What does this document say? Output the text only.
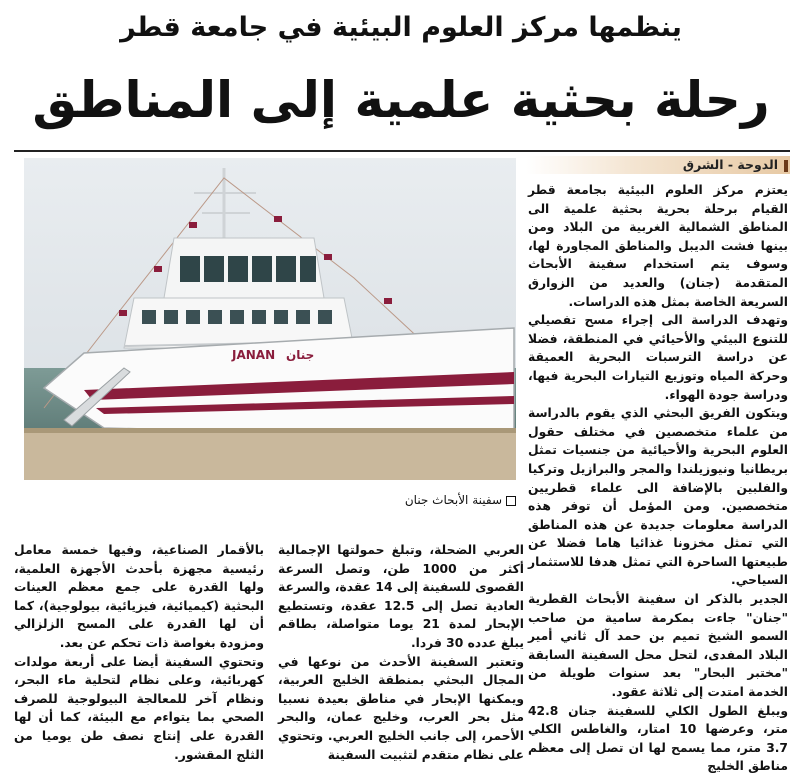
ينظمها مركز العلوم البيئية في جامعة قطر
رحلة بحثية علمية إلى المناطق
الدوحة - الشرق
JANAN جنان
سفينة الأبحاث جنان

يعتزم مركز العلوم البيئية بجامعة قطر القيام برحلة بحرية بحثية علمية الى المناطق الشمالية الغربية من البلاد ومن بينها فشت الديبل والمناطق المجاورة لها، وسوف يتم استخدام سفينة الأبحاث المتقدمة (جنان) والعديد من الزوارق السريعة الخاصة بمثل هذه الدراسات.

وتهدف الدراسة الى إجراء مسح تفصيلي للتنوع البيئي والأحيائي في المنطقة، فضلا عن دراسة الترسبات البحرية العميقة وحركة المياه وتوزيع التيارات البحرية فيها، ودراسة جودة الهواء.

ويتكون الفريق البحثي الذي يقوم بالدراسة من علماء متخصصين في مختلف حقول العلوم البحرية والأحيائية من جنسيات تمثل بريطانيا ونيوزيلندا والمجر والبرازيل وتركيا والفلبين بالإضافة الى علماء قطريين متخصصين. ومن المؤمل أن توفر هذه الدراسة معلومات جديدة عن هذه المناطق التي تمثل مخزونا غذائيا هاما فضلا عن طبيعتها الساحرة التي تمثل هدفا للاستثمار السياحي.

الجدير بالذكر ان سفينة الأبحاث القطرية "جنان" جاءت بمكرمة سامية من صاحب السمو الشيخ تميم بن حمد آل ثاني أمير البلاد المفدى، لتحل محل السفينة السابقة "مختبر البحار" بعد سنوات طويلة من الخدمة امتدت إلى ثلاثة عقود.

ويبلغ الطول الكلي للسفينة جنان 42.8 متر، وعرضها 10 امتار، والغاطس الكلي 3.7 متر، مما يسمح لها ان تصل إلى معظم مناطق الخليج

العربي الضحلة، وتبلغ حمولتها الإجمالية أكثر من 1000 طن، وتصل السرعة القصوى للسفينة إلى 14 عقدة، والسرعة العادية تصل إلى 12.5 عقدة، وتستطيع الإبحار لمدة 21 يوما متواصلة، بطاقم يبلغ عدده 30 فردا.

وتعتبر السفينة الأحدث من نوعها في المجال البحثي بمنطقة الخليج العربية، ويمكنها الإبحار في مناطق بعيدة نسبيا مثل بحر العرب، وخليج عمان، والبحر الأحمر، إلى جانب الخليج العربي. وتحتوي على نظام متقدم لتثبيت السفينة

بالأقمار الصناعية، وفيها خمسة معامل رئيسية مجهزة بأحدث الأجهزة العلمية، ولها القدرة على جمع معظم العينات البحثية (كيميائية، فيزيائية، بيولوجية)، كما أن لها القدرة على المسح الزلزالي ومزودة بغواصة ذات تحكم عن بعد.

وتحتوي السفينة أيضا على أربعة مولدات كهربائية، وعلى نظام لتحلية ماء البحر، ونظام آخر للمعالجة البيولوجية للصرف الصحي بما يتواءم مع البيئة، كما أن لها القدرة على إنتاج نصف طن يوميا من الثلج المقشور.
